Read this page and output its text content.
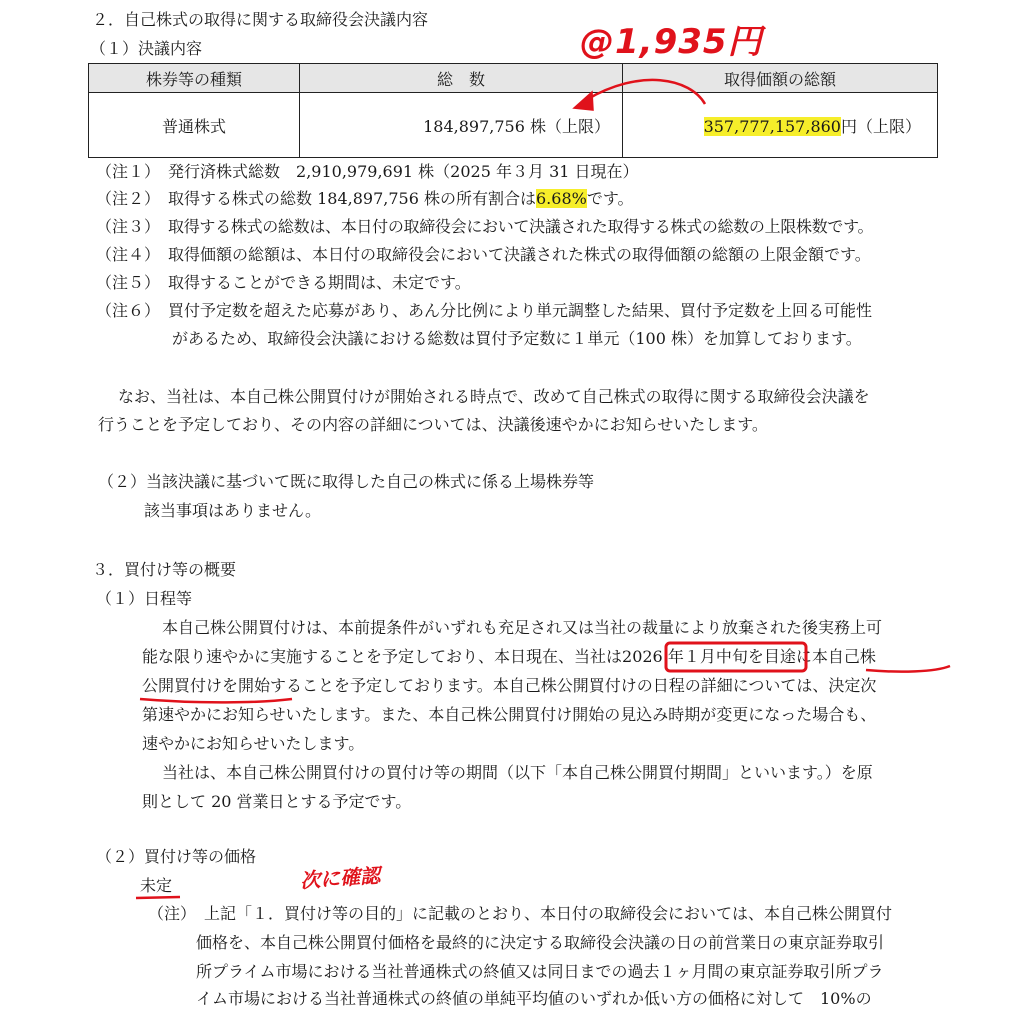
２．自己株式の取得に関する取締役会決議内容
（１）決議内容
株券等の種類	総　数	取得価額の総額
普通株式	184,897,756 株（上限）	357,777,157,860円（上限）
（注１）　 発行済株式総数　2,910,979,691 株（2025 年３月 31 日現在）
（注２）　 取得する株式の総数 184,897,756 株の所有割合は6.68%です。
（注３）　 取得する株式の総数は、本日付の取締役会において決議された取得する株式の総数の上限株数です。
（注４）　 取得価額の総額は、本日付の取締役会において決議された株式の取得価額の総額の上限金額です。
（注５）　 取得することができる期間は、未定です。
（注６）　 買付予定数を超えた応募があり、あん分比例により単元調整した結果、買付予定数を上回る可能性
があるため、取締役会決議における総数は買付予定数に１単元（100 株）を加算しております。
なお、当社は、本自己株公開買付けが開始される時点で、改めて自己株式の取得に関する取締役会決議を
行うことを予定しており、その内容の詳細については、決議後速やかにお知らせいたします。
（２）当該決議に基づいて既に取得した自己の株式に係る上場株券等
該当事項はありません。
３．買付け等の概要
（１）日程等
本自己株公開買付けは、本前提条件がいずれも充足され又は当社の裁量により放棄された後実務上可
能な限り速やかに実施することを予定しており、本日現在、当社は2026 年１月中旬を目途に本自己株
公開買付けを開始することを予定しております。本自己株公開買付けの日程の詳細については、決定次
第速やかにお知らせいたします。また、本自己株公開買付け開始の見込み時期が変更になった場合も、
速やかにお知らせいたします。
当社は、本自己株公開買付けの買付け等の期間（以下「本自己株公開買付期間」といいます。）を原
則として 20 営業日とする予定です。
（２）買付け等の価格
未定
（注）　 上記「１．買付け等の目的」に記載のとおり、本日付の取締役会においては、本自己株公開買付
価格を、本自己株公開買付価格を最終的に決定する取締役会決議の日の前営業日の東京証券取引
所プライム市場における当社普通株式の終値又は同日までの過去１ヶ月間の東京証券取引所プラ
イム市場における当社普通株式の終値の単純平均値のいずれか低い方の価格に対して　10%の
@1,935円
次に確認
